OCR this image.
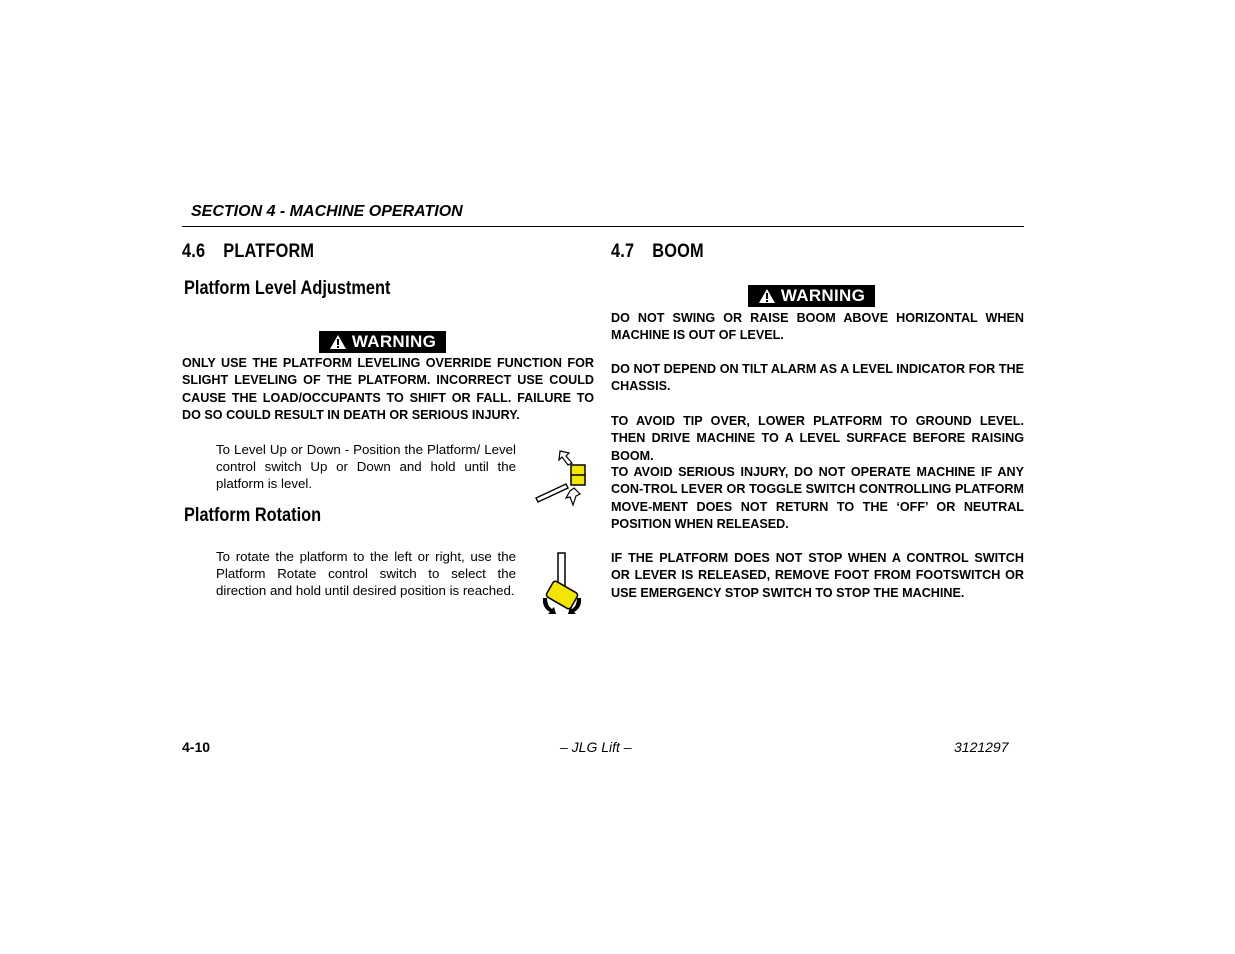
SECTION 4 - MACHINE OPERATION
4.6 PLATFORM
Platform Level Adjustment
WARNING
ONLY USE THE PLATFORM LEVELING OVERRIDE FUNCTION FOR SLIGHT LEVELING OF THE PLATFORM. INCORRECT USE COULD CAUSE THE LOAD/OCCUPANTS TO SHIFT OR FALL. FAILURE TO DO SO COULD RESULT IN DEATH OR SERIOUS INJURY.
To Level Up or Down - Position the Platform/ Level control switch Up or Down and hold until the platform is level.
Platform Rotation
To rotate the platform to the left or right, use the Platform Rotate control switch to select the direction and hold until desired position is reached.
4.7 BOOM
WARNING
DO NOT SWING OR RAISE BOOM ABOVE HORIZONTAL WHEN MACHINE IS OUT OF LEVEL.
DO NOT DEPEND ON TILT ALARM AS A LEVEL INDICATOR FOR THE CHASSIS.
TO AVOID TIP OVER, LOWER PLATFORM TO GROUND LEVEL. THEN DRIVE MACHINE TO A LEVEL SURFACE BEFORE RAISING BOOM.
TO AVOID SERIOUS INJURY, DO NOT OPERATE MACHINE IF ANY CON-TROL LEVER OR TOGGLE SWITCH CONTROLLING PLATFORM MOVE-MENT DOES NOT RETURN TO THE ‘OFF’ OR NEUTRAL POSITION WHEN RELEASED.
IF THE PLATFORM DOES NOT STOP WHEN A CONTROL SWITCH OR LEVER IS RELEASED, REMOVE FOOT FROM FOOTSWITCH OR USE EMERGENCY STOP SWITCH TO STOP THE MACHINE.
4-10	– JLG Lift –	3121297
